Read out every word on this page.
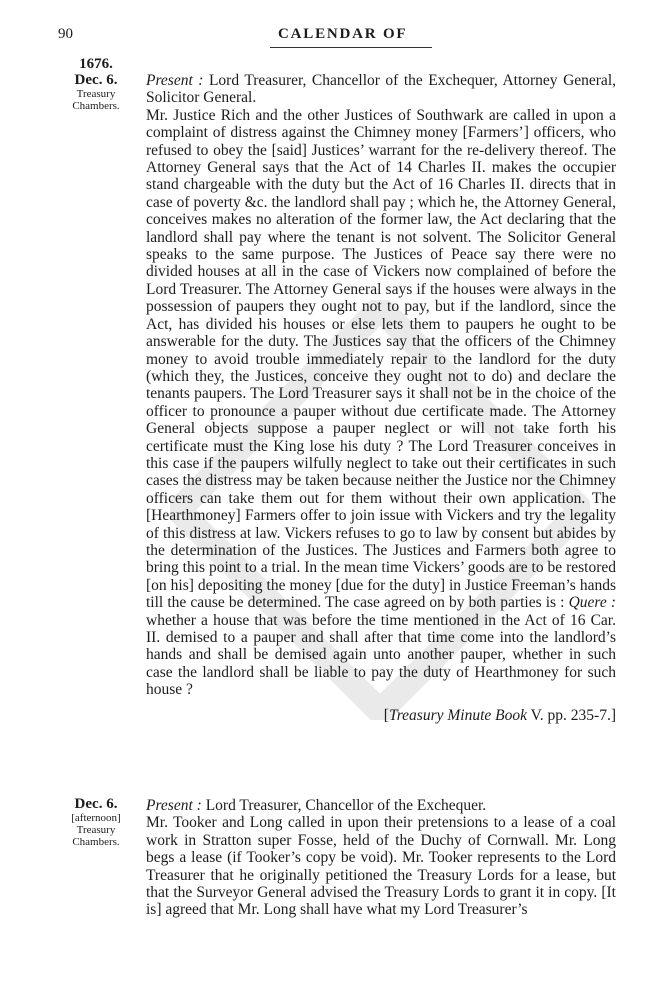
90	CALENDAR OF
1676.
Dec. 6.
Treasury
Chambers.

Present : Lord Treasurer, Chancellor of the Exchequer, Attorney General, Solicitor General.

Mr. Justice Rich and the other Justices of Southwark are called in upon a complaint of distress against the Chimney money [Farmers’] officers, who refused to obey the [said] Justices’ warrant for the re-delivery thereof. The Attorney General says that the Act of 14 Charles II. makes the occupier stand chargeable with the duty but the Act of 16 Charles II. directs that in case of poverty &c. the landlord shall pay ; which he, the Attorney General, conceives makes no alteration of the former law, the Act declaring that the landlord shall pay where the tenant is not solvent. The Solicitor General speaks to the same purpose. The Justices of Peace say there were no divided houses at all in the case of Vickers now complained of before the Lord Treasurer. The Attorney General says if the houses were always in the possession of paupers they ought not to pay, but if the landlord, since the Act, has divided his houses or else lets them to paupers he ought to be answerable for the duty. The Justices say that the officers of the Chimney money to avoid trouble immediately repair to the landlord for the duty (which they, the Justices, conceive they ought not to do) and declare the tenants paupers. The Lord Treasurer says it shall not be in the choice of the officer to pronounce a pauper without due certificate made. The Attorney General objects suppose a pauper neglect or will not take forth his certificate must the King lose his duty ? The Lord Treasurer conceives in this case if the paupers wilfully neglect to take out their certificates in such cases the distress may be taken because neither the Justice nor the Chimney officers can take them out for them without their own application. The [Hearthmoney] Farmers offer to join issue with Vickers and try the legality of this distress at law. Vickers refuses to go to law by consent but abides by the determination of the Justices. The Justices and Farmers both agree to bring this point to a trial. In the mean time Vickers’ goods are to be restored [on his] depositing the money [due for the duty] in Justice Freeman’s hands till the cause be determined. The case agreed on by both parties is : Quere : whether a house that was before the time mentioned in the Act of 16 Car. II. demised to a pauper and shall after that time come into the landlord’s hands and shall be demised again unto another pauper, whether in such case the landlord shall be liable to pay the duty of Hearthmoney for such house ?

[Treasury Minute Book V. pp. 235-7.]

Dec. 6.
[afternoon]
Treasury
Chambers.

Present : Lord Treasurer, Chancellor of the Exchequer.

Mr. Tooker and Long called in upon their pretensions to a lease of a coal work in Stratton super Fosse, held of the Duchy of Cornwall. Mr. Long begs a lease (if Tooker’s copy be void). Mr. Tooker represents to the Lord Treasurer that he originally petitioned the Treasury Lords for a lease, but that the Surveyor General advised the Treasury Lords to grant it in copy. [It is] agreed that Mr. Long shall have what my Lord Treasurer’s
